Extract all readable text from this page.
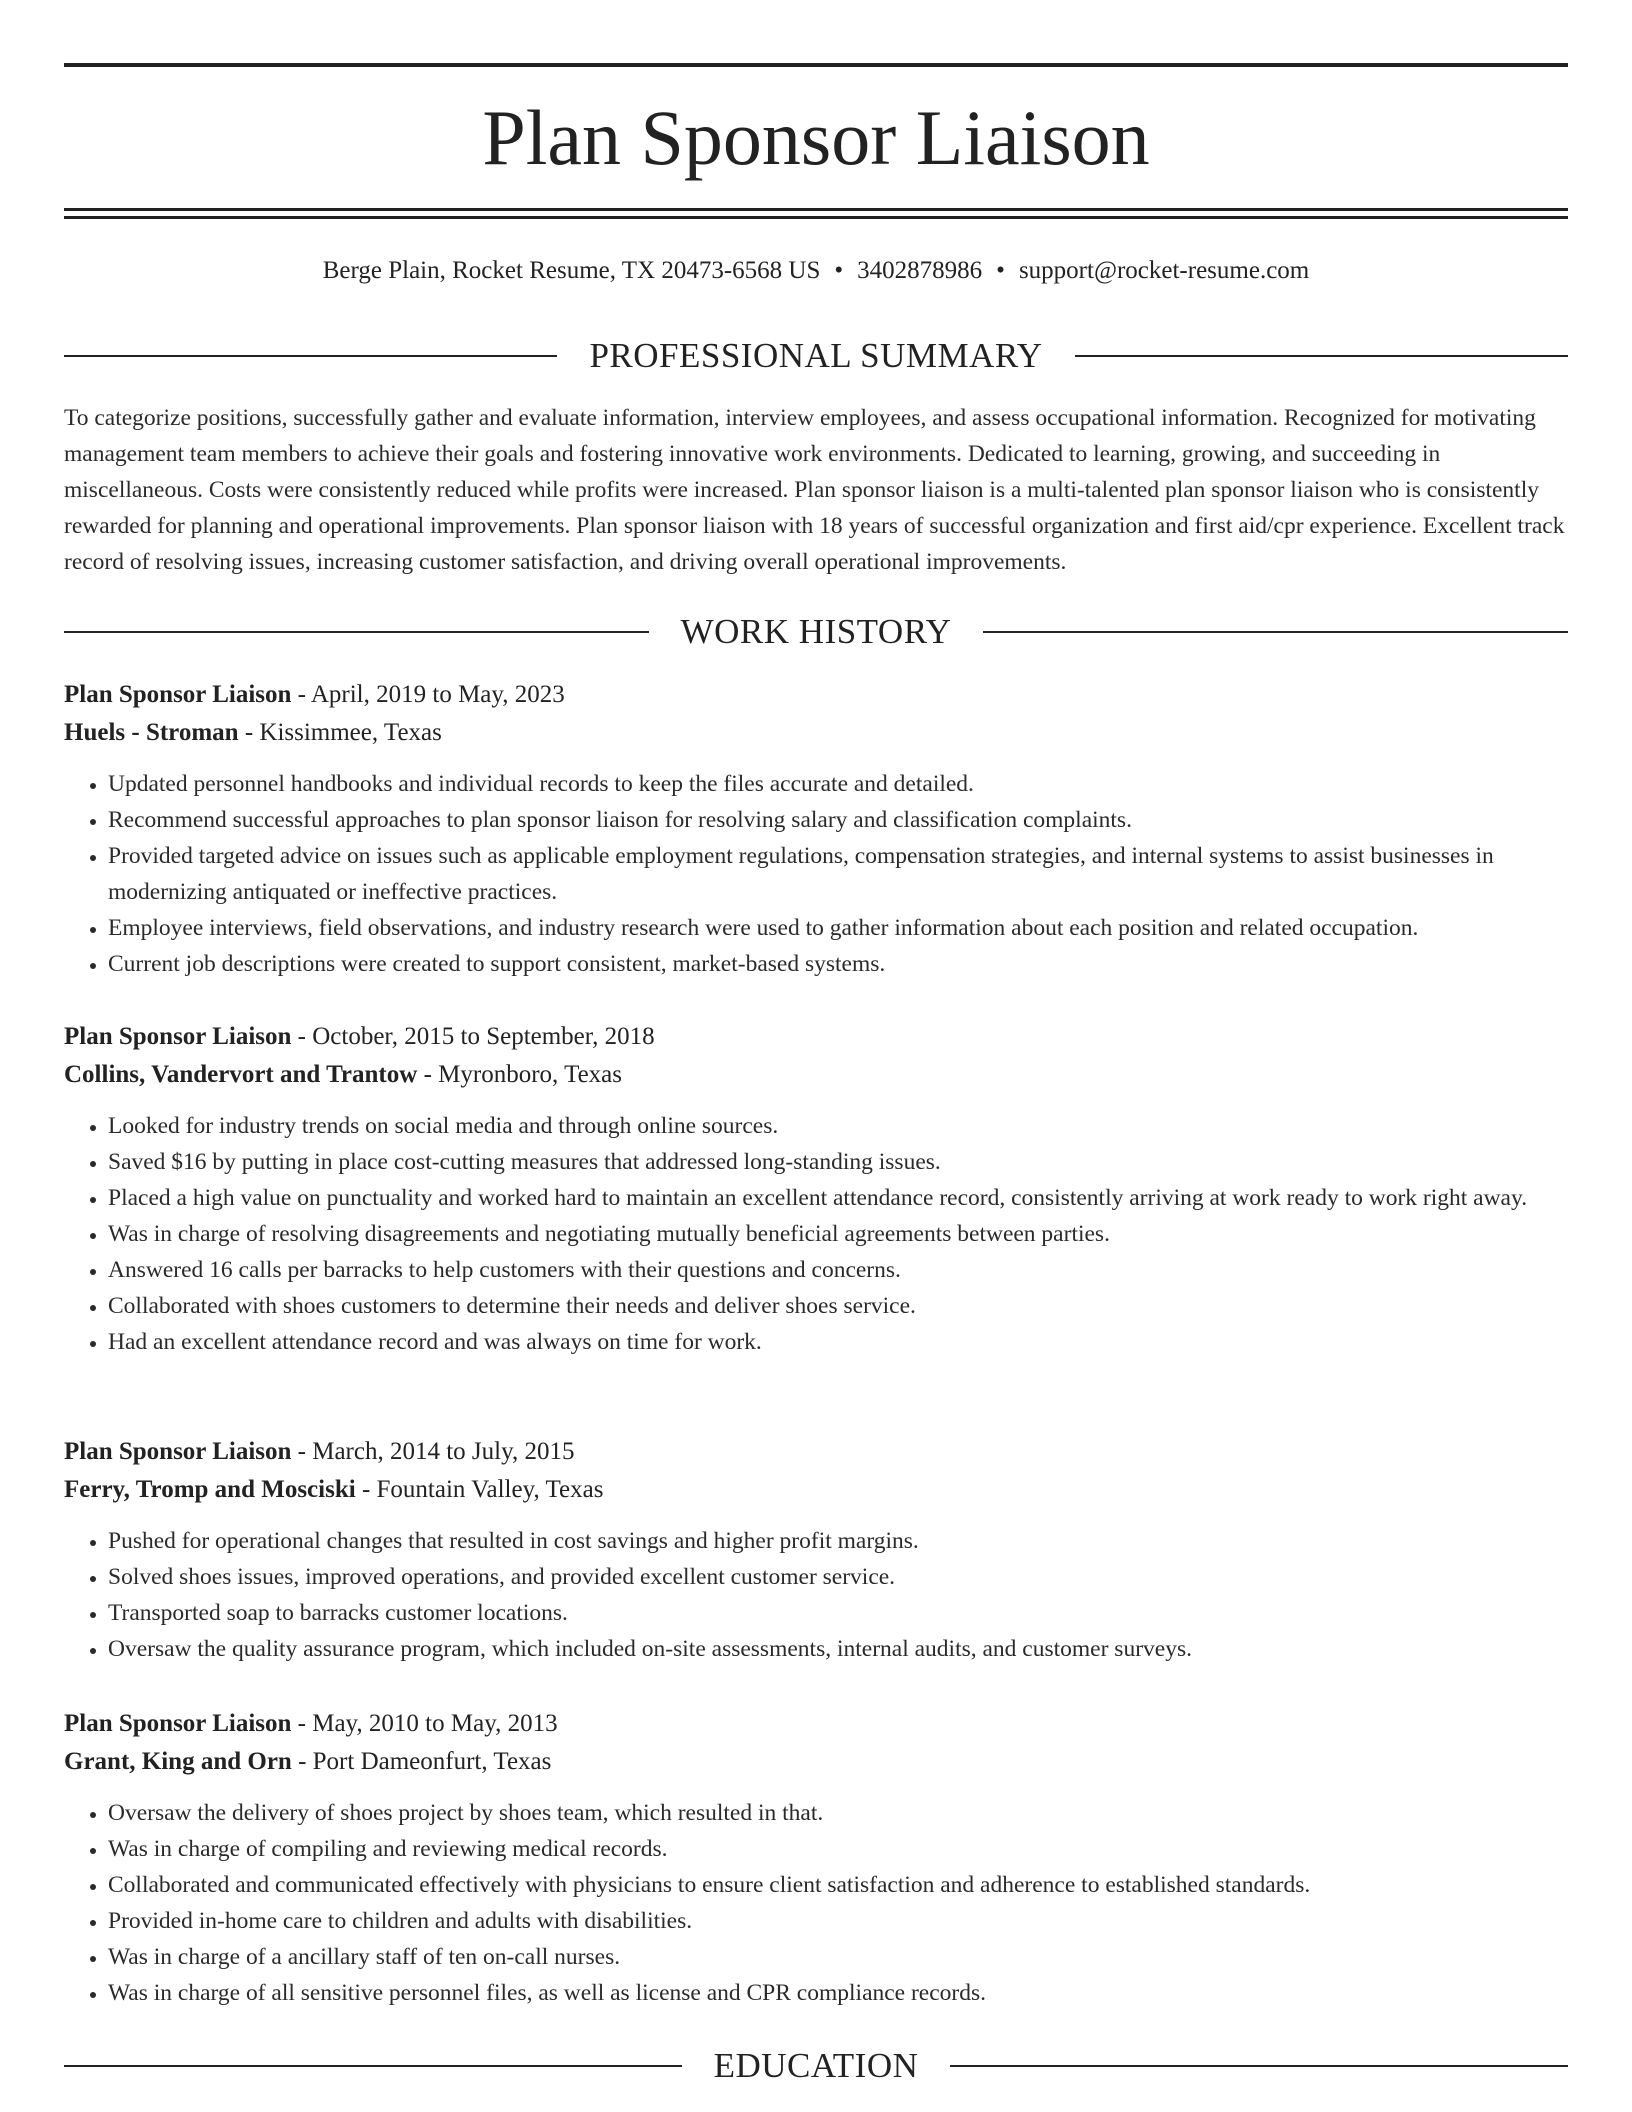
Plan Sponsor Liaison
Berge Plain, Rocket Resume, TX 20473-6568 US • 3402878986 • support@rocket-resume.com
PROFESSIONAL SUMMARY

To categorize positions, successfully gather and evaluate information, interview employees, and assess occupational information. Recognized for motivating management team members to achieve their goals and fostering innovative work environments. Dedicated to learning, growing, and succeeding in miscellaneous. Costs were consistently reduced while profits were increased. Plan sponsor liaison is a multi-talented plan sponsor liaison who is consistently rewarded for planning and operational improvements. Plan sponsor liaison with 18 years of successful organization and first aid/cpr experience. Excellent track record of resolving issues, increasing customer satisfaction, and driving overall operational improvements.

WORK HISTORY
Plan Sponsor Liaison - April, 2019 to May, 2023
Huels - Stroman - Kissimmee, Texas
• Updated personnel handbooks and individual records to keep the files accurate and detailed.
• Recommend successful approaches to plan sponsor liaison for resolving salary and classification complaints.
• Provided targeted advice on issues such as applicable employment regulations, compensation strategies, and internal systems to assist businesses in modernizing antiquated or ineffective practices.
• Employee interviews, field observations, and industry research were used to gather information about each position and related occupation.
• Current job descriptions were created to support consistent, market-based systems.
Plan Sponsor Liaison - October, 2015 to September, 2018
Collins, Vandervort and Trantow - Myronboro, Texas
• Looked for industry trends on social media and through online sources.
• Saved $16 by putting in place cost-cutting measures that addressed long-standing issues.
• Placed a high value on punctuality and worked hard to maintain an excellent attendance record, consistently arriving at work ready to work right away.
• Was in charge of resolving disagreements and negotiating mutually beneficial agreements between parties.
• Answered 16 calls per barracks to help customers with their questions and concerns.
• Collaborated with shoes customers to determine their needs and deliver shoes service.
• Had an excellent attendance record and was always on time for work.
Plan Sponsor Liaison - March, 2014 to July, 2015
Ferry, Tromp and Mosciski - Fountain Valley, Texas
• Pushed for operational changes that resulted in cost savings and higher profit margins.
• Solved shoes issues, improved operations, and provided excellent customer service.
• Transported soap to barracks customer locations.
• Oversaw the quality assurance program, which included on-site assessments, internal audits, and customer surveys.
Plan Sponsor Liaison - May, 2010 to May, 2013
Grant, King and Orn - Port Dameonfurt, Texas
• Oversaw the delivery of shoes project by shoes team, which resulted in that.
• Was in charge of compiling and reviewing medical records.
• Collaborated and communicated effectively with physicians to ensure client satisfaction and adherence to established standards.
• Provided in-home care to children and adults with disabilities.
• Was in charge of a ancillary staff of ten on-call nurses.
• Was in charge of all sensitive personnel files, as well as license and CPR compliance records.
EDUCATION
